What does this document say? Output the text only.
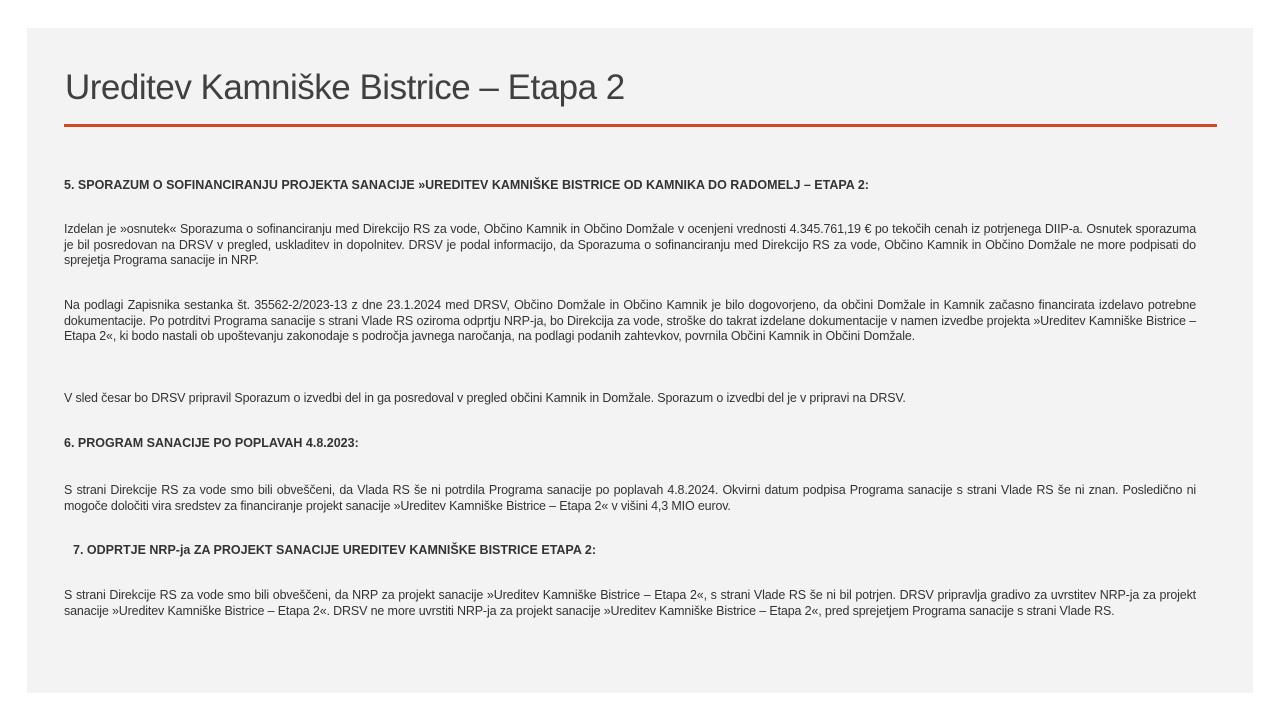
Ureditev Kamniške Bistrice – Etapa 2
5. SPORAZUM O SOFINANCIRANJU PROJEKTA SANACIJE »UREDITEV KAMNIŠKE BISTRICE OD KAMNIKA DO RADOMELJ – ETAPA 2:
Izdelan je »osnutek« Sporazuma o sofinanciranju med Direkcijo RS za vode, Občino Kamnik in Občino Domžale v ocenjeni vrednosti 4.345.761,19 € po tekočih cenah iz potrjenega DIIP-a. Osnutek sporazuma je bil posredovan na DRSV v pregled, uskladitev in dopolnitev. DRSV je podal informacijo, da Sporazuma o sofinanciranju med Direkcijo RS za vode, Občino Kamnik in Občino Domžale ne more podpisati do sprejetja Programa sanacije in NRP.
Na podlagi Zapisnika sestanka št. 35562-2/2023-13 z dne 23.1.2024 med DRSV, Občino Domžale in Občino Kamnik je bilo dogovorjeno, da občini Domžale in Kamnik začasno financirata izdelavo potrebne dokumentacije. Po potrditvi Programa sanacije s strani Vlade RS oziroma odprtju NRP-ja, bo Direkcija za vode, stroške do takrat izdelane dokumentacije v namen izvedbe projekta »Ureditev Kamniške Bistrice – Etapa 2«, ki bodo nastali ob upoštevanju zakonodaje s področja javnega naročanja, na podlagi podanih zahtevkov, povrnila Občini Kamnik in Občini Domžale.
V sled česar bo DRSV pripravil Sporazum o izvedbi del in ga posredoval v pregled občini Kamnik in Domžale. Sporazum o izvedbi del je v pripravi na DRSV.
6. PROGRAM SANACIJE PO POPLAVAH 4.8.2023:
S strani Direkcije RS za vode smo bili obveščeni, da Vlada RS še ni potrdila Programa sanacije po poplavah 4.8.2024. Okvirni datum podpisa Programa sanacije s strani Vlade RS še ni znan. Posledično ni mogoče določiti vira sredstev za financiranje projekt sanacije »Ureditev Kamniške Bistrice – Etapa 2« v višini 4,3 MIO eurov.
7. ODPRTJE NRP-ja ZA PROJEKT SANACIJE UREDITEV KAMNIŠKE BISTRICE ETAPA 2:
S strani Direkcije RS za vode smo bili obveščeni, da NRP za projekt sanacije »Ureditev Kamniške Bistrice – Etapa 2«, s strani Vlade RS še ni bil potrjen. DRSV pripravlja gradivo za uvrstitev NRP-ja za projekt sanacije »Ureditev Kamniške Bistrice – Etapa 2«. DRSV ne more uvrstiti NRP-ja za projekt sanacije »Ureditev Kamniške Bistrice – Etapa 2«, pred sprejetjem Programa sanacije s strani Vlade RS.
